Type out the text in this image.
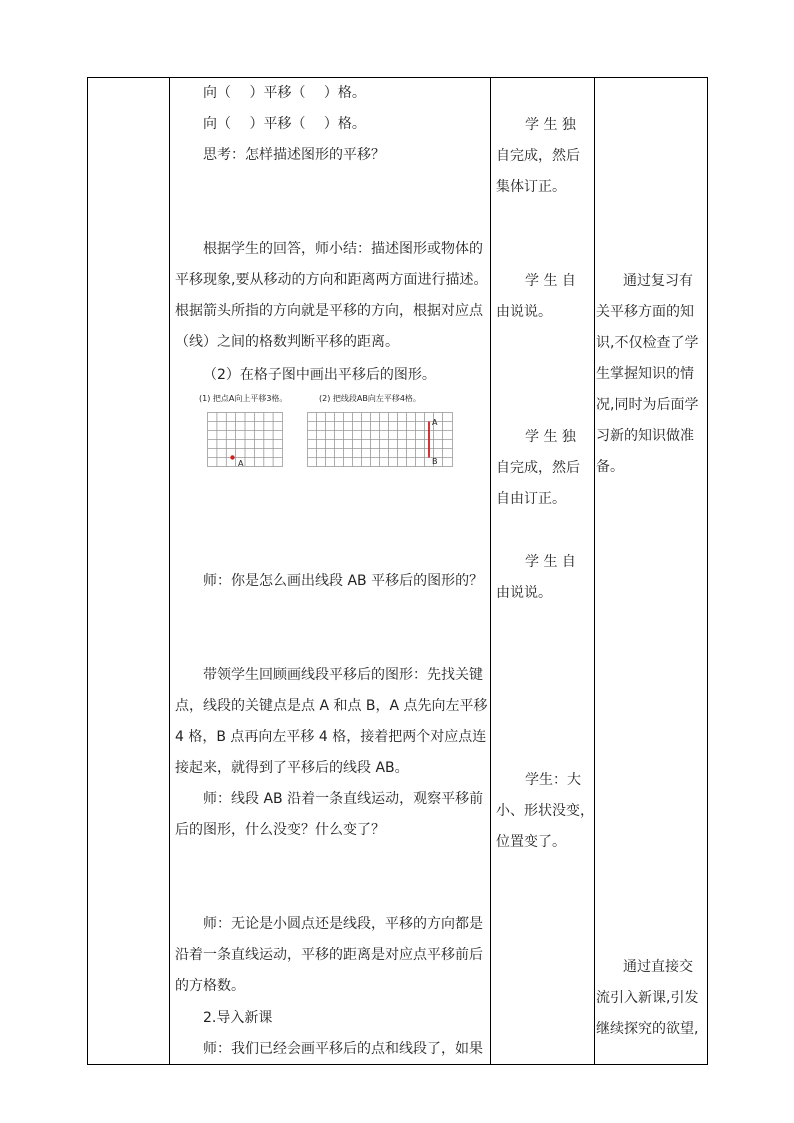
向（　 ）平移（　 ）格。
向（　 ）平移（　 ）格。
思考：怎样描述图形的平移？
根据学生的回答，师小结：描述图形或物体的
平移现象,要从移动的方向和距离两方面进行描述。
根据箭头所指的方向就是平移的方向，根据对应点
（线）之间的格数判断平移的距离。
（2）在格子图中画出平移后的图形。
(1) 把点A向上平移3格。	(2) 把线段AB向左平移4格。
A
A
B
师：你是怎么画出线段 AB 平移后的图形的？
带领学生回顾画线段平移后的图形：先找关键
点，线段的关键点是点 A 和点 B，A 点先向左平移
4 格，B 点再向左平移 4 格，接着把两个对应点连
接起来，就得到了平移后的线段 AB。
师：线段 AB 沿着一条直线运动，观察平移前
后的图形，什么没变？什么变了？
师：无论是小圆点还是线段，平移的方向都是
沿着一条直线运动，平移的距离是对应点平移前后
的方格数。
2.导入新课
师：我们已经会画平移后的点和线段了，如果
学 生 独
自完成，然后
集体订正。
学 生 自
由说说。
学 生 独
自完成，然后
自由订正。
学 生 自
由说说。
学生：大
小、形状没变，
位置变了。
通过复习有
关平移方面的知
识,不仅检查了学
生掌握知识的情
况,同时为后面学
习新的知识做准
备。
通过直接交
流引入新课,引发
继续探究的欲望,
